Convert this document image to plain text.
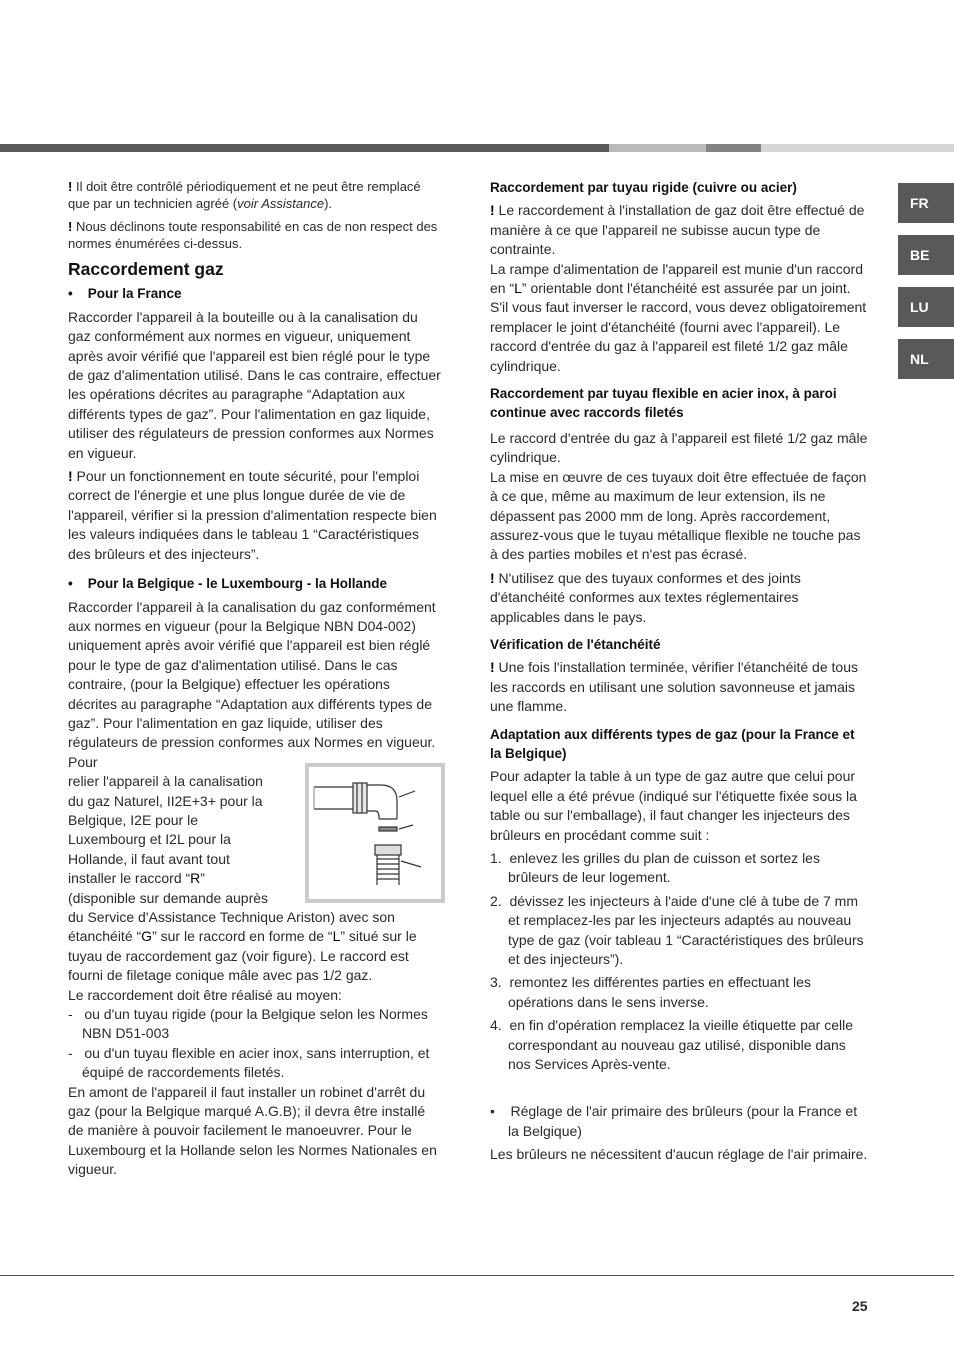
FR
BE
LU
NL

! Il doit être contrôlé périodiquement et ne peut être remplacé que par un technicien agréé (voir Assistance).

! Nous déclinons toute responsabilité en cas de non respect des normes énumérées ci-dessus.

Raccordement gaz

•    Pour la France

Raccorder l'appareil à la bouteille ou à la canalisation du gaz conformément aux normes en vigueur, uniquement après avoir vérifié que l'appareil est bien réglé pour le type de gaz d'alimentation utilisé. Dans le cas contraire, effectuer les opérations décrites au paragraphe “Adaptation aux différents types de gaz”. Pour l'alimentation en gaz liquide, utiliser des régulateurs de pression conformes aux Normes en vigueur.

! Pour un fonctionnement en toute sécurité, pour l'emploi correct de l'énergie et une plus longue durée de vie de l'appareil, vérifier si la pression d'alimentation respecte bien les valeurs indiquées dans le tableau 1 “Caractéristiques des brûleurs et des injecteurs”.

•    Pour la Belgique - le Luxembourg - la Hollande

Raccorder l'appareil à la canalisation du gaz conformément aux normes en vigueur (pour la Belgique NBN D04-002) uniquement après avoir vérifié que l'appareil est bien réglé pour le type de gaz d'alimentation utilisé. Dans le cas contraire, (pour la Belgique) effectuer les opérations décrites au paragraphe “Adaptation aux différents types de gaz”. Pour l'alimentation en gaz liquide, utiliser des régulateurs de pression conformes aux Normes en vigueur. Pour

relier l'appareil à la canalisation

du gaz Naturel, II2E+3+ pour la

Belgique, I2E pour le

Luxembourg et I2L pour la

Hollande, il faut avant tout

installer le raccord “R”

(disponible sur demande auprès

du Service d'Assistance Technique Ariston) avec son étanchéité “G” sur le raccord en forme de “L” situé sur le tuyau de raccordement gaz (voir figure). Le raccord est fourni de filetage conique mâle avec pas 1/2 gaz.

Le raccordement doit être réalisé au moyen:

-   ou d'un tuyau rigide (pour la Belgique selon les Normes NBN D51-003

-   ou d'un tuyau flexible en acier inox, sans interruption, et équipé de raccordements filetés.

En amont de l'appareil il faut installer un robinet d'arrêt du gaz (pour la Belgique marqué A.G.B); il devra être installé de manière à pouvoir facilement le manoeuvrer. Pour le Luxembourg et la Hollande selon les Normes Nationales en vigueur.

Raccordement par tuyau rigide (cuivre ou acier)

! Le raccordement à l'installation de gaz doit être effectué de manière à ce que l'appareil ne subisse aucun type de contrainte.

La rampe d'alimentation de l'appareil est munie d'un raccord en “L” orientable dont l'étanchéité est assurée par un joint. S'il vous faut inverser le raccord, vous devez obligatoirement remplacer le joint d'étanchéité (fourni avec l'appareil). Le raccord d'entrée du gaz à l'appareil est fileté 1/2 gaz mâle cylindrique.

Raccordement par tuyau flexible en acier inox, à paroi continue avec raccords filetés

Le raccord d'entrée du gaz à l'appareil est fileté 1/2 gaz mâle cylindrique.

La mise en œuvre de ces tuyaux doit être effectuée de façon à ce que, même au maximum de leur extension, ils ne dépassent pas 2000 mm de long. Après raccordement, assurez-vous que le tuyau métallique flexible ne touche pas à des parties mobiles et n'est pas écrasé.

! N'utilisez que des tuyaux conformes et des joints d'étanchéité conformes aux textes réglementaires applicables dans le pays.

Vérification de l'étanchéité

! Une fois l'installation terminée, vérifier l'étanchéité de tous les raccords en utilisant une solution savonneuse et jamais une flamme.

Adaptation aux différents types de gaz (pour la France et la Belgique)

Pour adapter la table à un type de gaz autre que celui pour lequel elle a été prévue (indiqué sur l'étiquette fixée sous la table ou sur l'emballage), il faut changer les injecteurs des brûleurs en procédant comme suit :

1. enlevez les grilles du plan de cuisson et sortez les brûleurs de leur logement.

2. dévissez les injecteurs à l'aide d'une clé à tube de 7 mm et remplacez-les par les injecteurs adaptés au nouveau type de gaz (voir tableau 1 “Caractéristiques des brûleurs et des injecteurs”).

3. remontez les différentes parties en effectuant les opérations dans le sens inverse.

4. en fin d'opération remplacez la vieille étiquette par celle correspondant au nouveau gaz utilisé, disponible dans nos Services Après-vente.

•    Réglage de l'air primaire des brûleurs (pour la France et la Belgique)

Les brûleurs ne nécessitent d'aucun réglage de l'air primaire.

25
